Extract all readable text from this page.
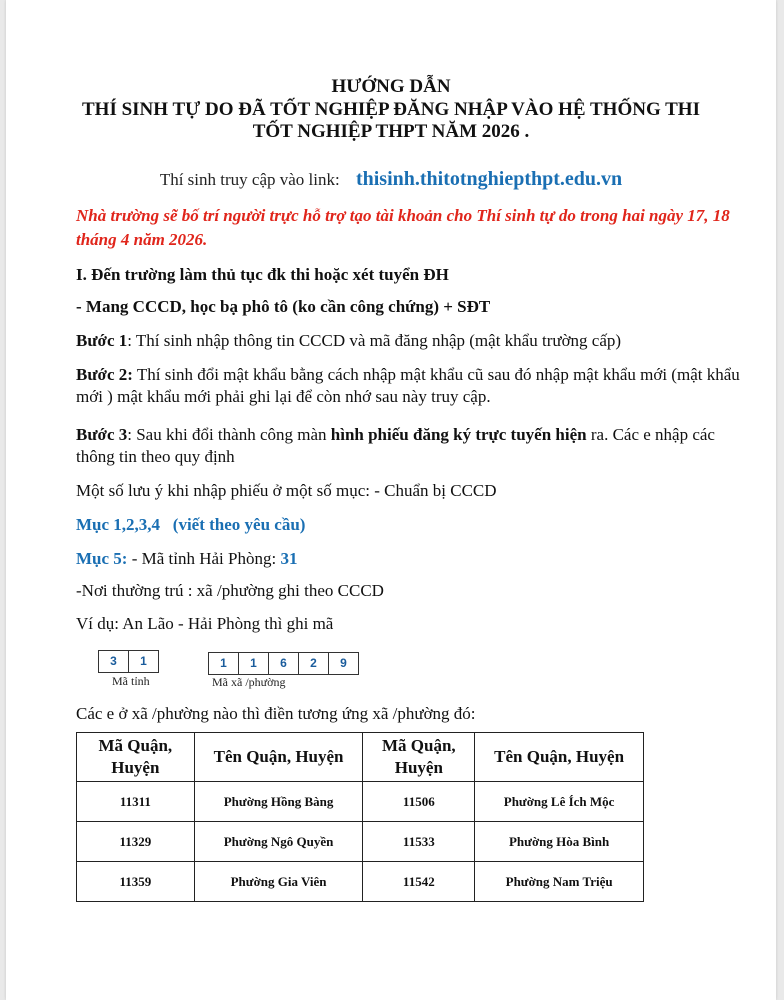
HƯỚNG DẪN
THÍ SINH TỰ DO ĐÃ TỐT NGHIỆP ĐĂNG NHẬP VÀO HỆ THỐNG THI
TỐT NGHIỆP THPT NĂM 2026 .
Thí sinh truy cập vào link: thisinh.thitotnghiepthpt.edu.vn
Nhà trường sẽ bố trí người trực hỗ trợ tạo tài khoản cho Thí sinh tự do trong hai ngày 17, 18 tháng 4 năm 2026.
I. Đến trường làm thủ tục đk thi hoặc xét tuyển ĐH
- Mang CCCD, học bạ phô tô (ko cần công chứng) + SĐT
Bước 1: Thí sinh nhập thông tin CCCD và mã đăng nhập (mật khẩu trường cấp)
Bước 2: Thí sinh đổi mật khẩu bằng cách nhập mật khẩu cũ sau đó nhập mật khẩu mới (mật khẩu mới ) mật khẩu mới phải ghi lại để còn nhớ sau này truy cập.
Bước 3: Sau khi đổi thành công màn hình phiếu đăng ký trực tuyến hiện ra. Các e nhập các thông tin theo quy định
Một số lưu ý khi nhập phiếu ở một số mục: - Chuẩn bị CCCD
Mục 1,2,3,4 (viết theo yêu cầu)
Mục 5: - Mã tỉnh Hải Phòng: 31
-Nơi thường trú : xã /phường ghi theo CCCD
Ví dụ: An Lão - Hải Phòng thì ghi mã
3	1
Mã tỉnh
1	1	6	2	9
Mã xã /phường
Các e ở xã /phường nào thì điền tương ứng xã /phường đó:
Mã Quận, Huyện	Tên Quận, Huyện	Mã Quận, Huyện	Tên Quận, Huyện
11311	Phường Hồng Bàng	11506	Phường Lê Ích Mộc
11329	Phường Ngô Quyền	11533	Phường Hòa Bình
11359	Phường Gia Viên	11542	Phường Nam Triệu
